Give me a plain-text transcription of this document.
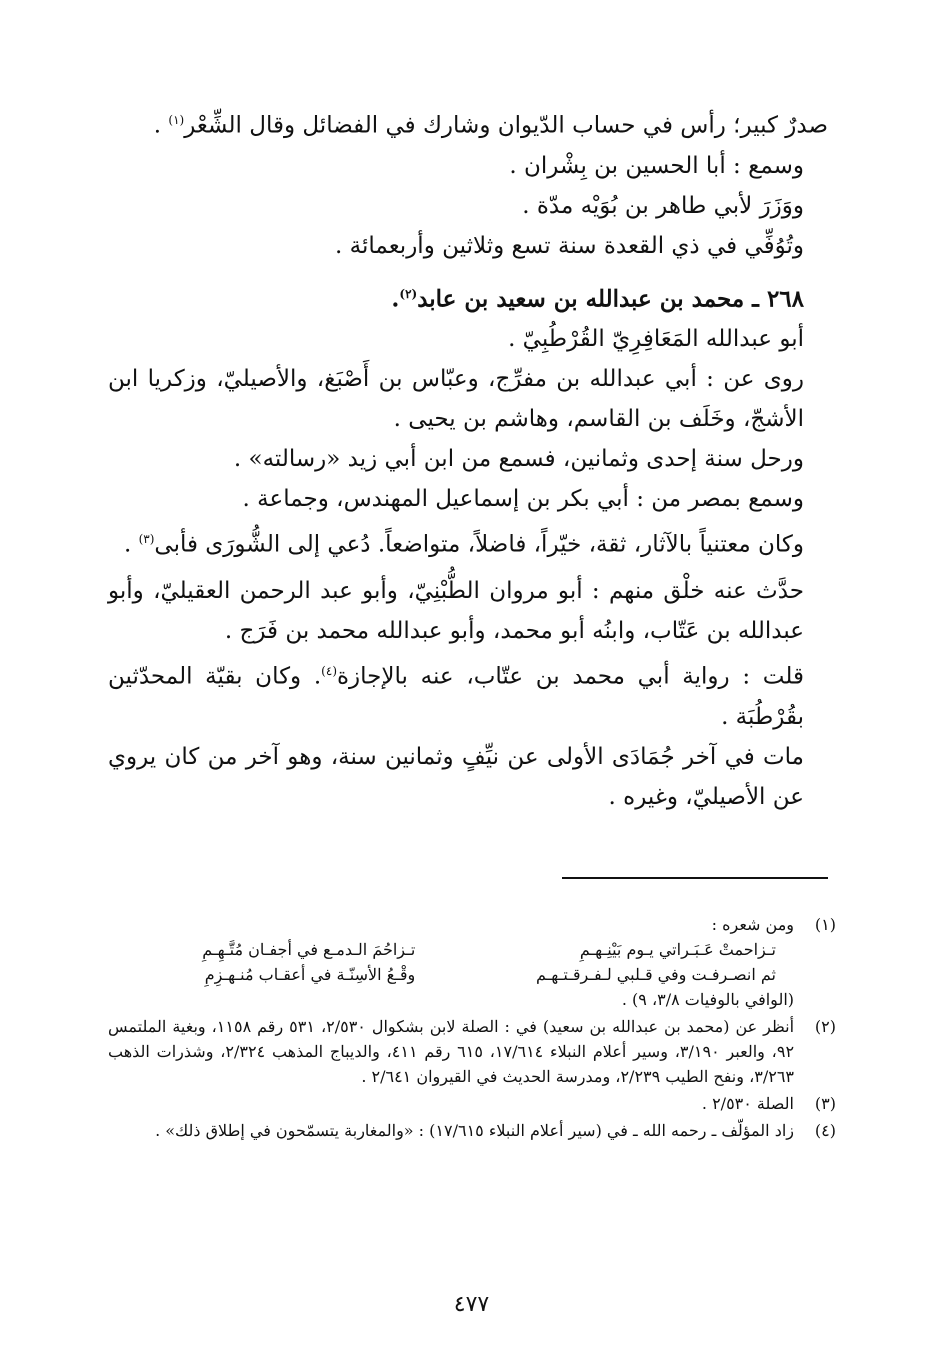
صدرٌ كبير؛ رأس في حساب الدّيوان وشارك في الفضائل وقال الشِّعْر$^{(١)}$ .

وسمع : أبا الحسين بن بِشْران .

ووَزَرَ لأبي طاهر بن بُوَيْه مدّة .

وتُوُفِّي في ذي القعدة سنة تسع وثلاثين وأربعمائة .

٢٦٨ ـ محمد بن عبدالله بن سعيد بن عابد$^{(٢)}$.

أبو عبدالله المَعَافِرِيّ القُرْطُبِيّ .

روى عن : أبي عبدالله بن مفرِّج، وعبّاس بن أَصْبَغ، والأصيليّ، وزكريا ابن الأشجّ، وخَلَف بن القاسم، وهاشم بن يحيى .

ورحل سنة إحدى وثمانين، فسمع من ابن أبي زيد «رسالته» .

وسمع بمصر من : أبي بكر بن إسماعيل المهندس، وجماعة .

وكان معتنياً بالآثار، ثقة، خيّراً، فاضلاً، متواضعاً. دُعي إلى الشُّورَى فأبى$^{(٣)}$ .

حدَّث عنه خلْق منهم : أبو مروان الطُّبْنِيّ، وأبو عبد الرحمن العقيليّ، وأبو عبدالله بن عَتّاب، وابنُه أبو محمد، وأبو عبدالله محمد بن فَرَج .

قلت : رواية أبي محمد بن عتّاب، عنه بالإجازة$^{(٤)}$. وكان بقيّة المحدّثين بقُرْطُبَة .

مات في آخر جُمَادَى الأولى عن نيِّفٍ وثمانين سنة، وهو آخر من كان يروي عن الأصيليّ، وغيره .

(١)
ومن شعره :
تـزاحمتْ عَـبَـراتي يـوم بَيْنِـهـمِ
تـزاحُمَ الـدمـع في أجفـان مُتَّـهِـمِ
ثم انصـرفـت وفي قـلبي لـفـرقـتـهـم
وقْـعُ الأسِنّـة في أعقـاب مُنـهـزِمِ
(الوافي بالوفيات ٣/٨، ٩) .
(٢)
أنظر عن (محمد بن عبدالله بن سعيد) في : الصلة لابن بشكوال ٢/٥٣٠، ٥٣١ رقم ١١٥٨، وبغية الملتمس ٩٢، والعبر ٣/١٩٠، وسير أعلام النبلاء ١٧/٦١٤، ٦١٥ رقم ٤١١، والديباج المذهب ٢/٣٢٤، وشذرات الذهب ٣/٢٦٣، ونفح الطيب ٢/٢٣٩، ومدرسة الحديث في القيروان ٢/٦٤١ .
(٣)
الصلة ٢/٥٣٠ .
(٤)
زاد المؤلّف ـ رحمه الله ـ في (سير أعلام النبلاء ١٧/٦١٥) : «والمغاربة يتسمّحون في إطلاق ذلك» .
٤٧٧
